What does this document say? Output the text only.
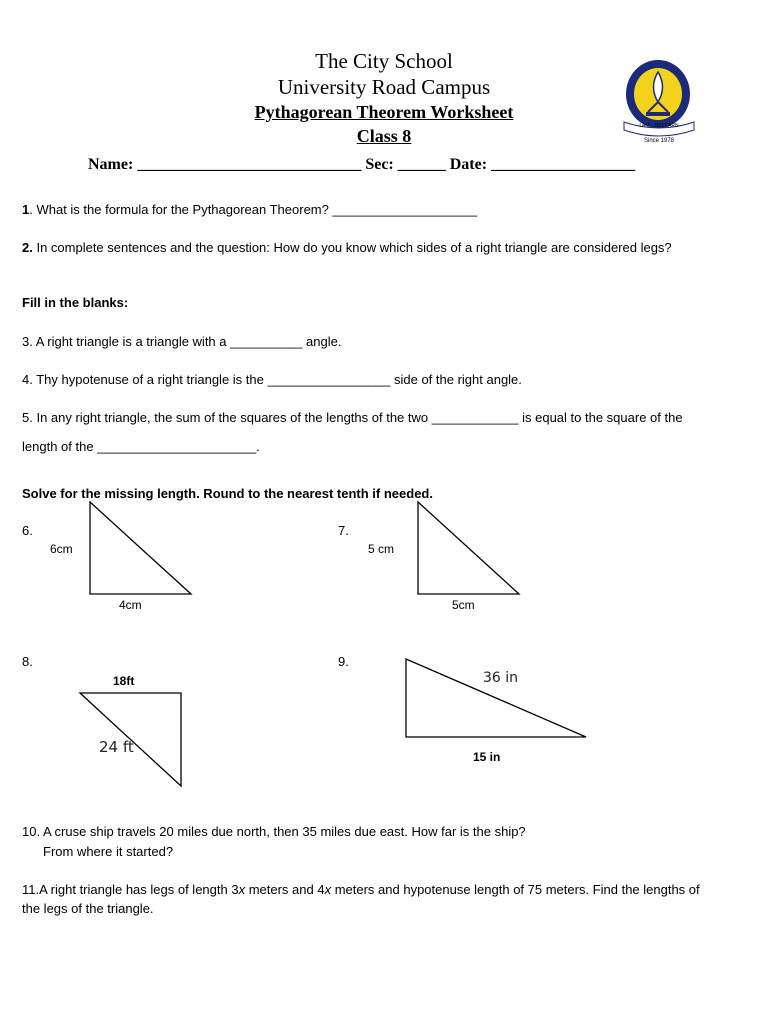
The City School
University Road Campus
Pythagorean Theorem Worksheet
Class 8	I AM - TO LEARN
Since 1978
Name: ____________________________ Sec: ______ Date: __________________
1. What is the formula for the Pythagorean Theorem? ____________________
2. In complete sentences and the question: How do you know which sides of a right triangle are considered legs?
Fill in the blanks:
3. A right triangle is a triangle with a __________ angle.
4. Thy hypotenuse of a right triangle is the _________________ side of the right angle.
5. In any right triangle, the sum of the squares of the lengths of the two ____________ is equal to the square of the
length of the ______________________.
Solve for the missing length. Round to the nearest tenth if needed.
6.
6cm
4cm
7.
5 cm
5cm
8.
18ft
24 ft
9.
36 in
15 in
10. A cruse ship travels 20 miles due north, then 35 miles due east. How far is the ship?
From where it started?
11.A right triangle has legs of length 3x meters and 4x meters and hypotenuse length of 75 meters. Find the lengths of
the legs of the triangle.
